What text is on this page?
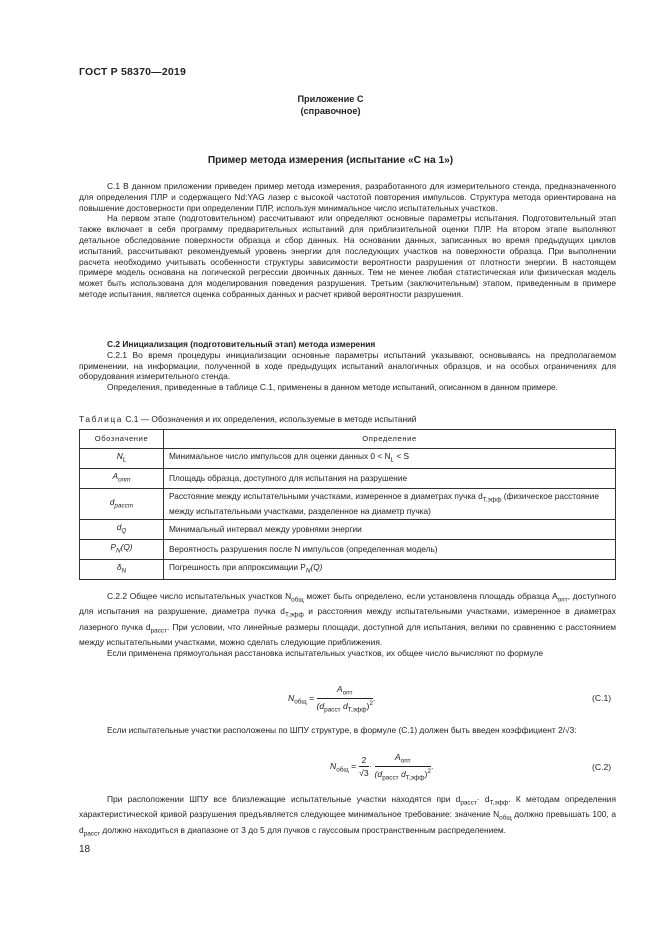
ГОСТ Р 58370—2019
Приложение С
(справочное)
Пример метода измерения (испытание «С на 1»)

С.1 В данном приложении приведен пример метода измерения, разработанного для измерительного стенда, предназначенного для определения ПЛР и содержащего Nd:YAG лазер с высокой частотой повторения импульсов. Структура метода ориентирована на повышение достоверности при определении ПЛР, используя минимальное число испытательных участков.

На первом этапе (подготовительном) рассчитывают или определяют основные параметры испытания. Подготовительный этап также включает в себя программу предварительных испытаний для приблизительной оценки ПЛР. На втором этапе выполняют детальное обследование поверхности образца и сбор данных. На основании данных, записанных во время предыдущих циклов испытаний, рассчитывают рекомендуемый уровень энергии для последующих участков на поверхности образца. При выполнении расчета необходимо учитывать особенности структуры зависимости вероятности разрушения от плотности энергии. В настоящем примере модель основана на логической регрессии двоичных данных. Тем не менее любая статистическая или физическая модель может быть использована для моделирования поведения разрушения. Третьим (заключительным) этапом, приведенным в примере методе испытания, является оценка собранных данных и расчет кривой вероятности разрушения.

С.2 Инициализация (подготовительный этап) метода измерения

С.2.1 Во время процедуры инициализации основные параметры испытаний указывают, основываясь на предполагаемом применении, на информации, полученной в ходе предыдущих испытаний аналогичных образцов, и на особых ограничениях для оборудования измерительного стенда.

Определения, приведенные в таблице С.1, применены в данном методе испытаний, описанном в данном примере.

Таблица С.1 — Обозначения и их определения, используемые в методе испытаний
Обозначение	Определение
$N_L$	Минимальное число импульсов для оценки данных $0 < N_L < S$
$A_{опт}$	Площадь образца, доступного для испытания на разрушение
$d_{расст}$	Расстояние между испытательными участками, измеренное в диаметрах пучка $d_{Т,эфф}$ (физическое расстояние между испытательными участками, разделенное на диаметр пучка)
$d_Q$	Минимальный интервал между уровнями энергии
$P_N(Q)$	Вероятность разрушения после N импульсов (определенная модель)
$\delta_N$	Погрешность при аппроксимации $P_N(Q)$

С.2.2 Общее число испытательных участков $N_{общ}$ может быть определено, если установлена площадь образца $A_{опт}$, доступного для испытания на разрушение, диаметра пучка $d_{Т,эфф}$ и расстояния между испытательными участками, измеренное в диаметрах лазерного пучка $d_{расст}$. При условии, что линейные размеры площади, доступной для испытания, велики по сравнению с расстоянием между испытательными участками, можно сделать следующие приближения.

Если применена прямоугольная расстановка испытательных участков, их общее число вычисляют по формуле

$N_{общ} = \frac{A_{опт}}{(d_{расст} d_{Т,эфф})^2}$ .	(С.1)

Если испытательные участки расположены по ШПУ структуре, в формуле (С.1) должен быть введен коэффициент 2/√3:

$N_{общ} = \frac{2}{√3} \cdot \frac{A_{опт}}{(d_{расст} d_{Т,эфф})^2}$ .	(С.2)

При расположении ШПУ все близлежащие испытательные участки находятся при $d_{расст}\cdot d_{Т,эфф}$. К методам определения характеристической кривой разрушения предъявляется следующее минимальное требование: значение $N_{общ}$ должно превышать 100, а $d_{расст}$ должно находиться в диапазоне от 3 до 5 для пучков с гауссовым пространственным распределением.

18
